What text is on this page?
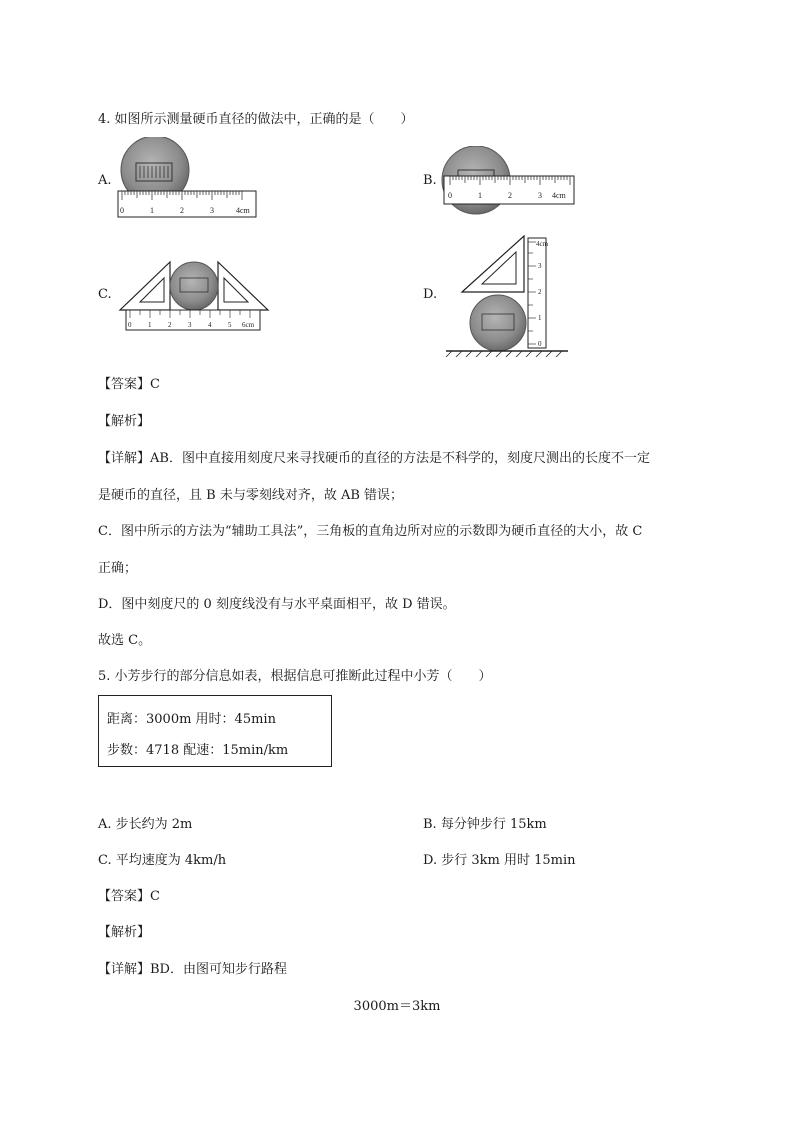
4. 如图所示测量硬币直径的做法中，正确的是（　　）
A.
0	1	2	3	4cm
B.
0	1	2	3 4cm
C.
0 1 2 3 4 5 6cm
D.
0
1
2
3
4cm
【答案】C
【解析】
【详解】AB．图中直接用刻度尺来寻找硬币的直径的方法是不科学的，刻度尺测出的长度不一定
是硬币的直径，且 B 未与零刻线对齐，故 AB 错误；
C．图中所示的方法为“辅助工具法”，三角板的直角边所对应的示数即为硬币直径的大小，故 C
正确；
D．图中刻度尺的 0 刻度线没有与水平桌面相平，故 D 错误。
故选 C。
5. 小芳步行的部分信息如表，根据信息可推断此过程中小芳（　　）
距离：3000m 用时：45min
步数：4718 配速：15min/km
A. 步长约为 2m	B. 每分钟步行 15km
C. 平均速度为 4km/h	D. 步行 3km 用时 15min
【答案】C
【解析】
【详解】BD．由图可知步行路程
3000m＝3km
